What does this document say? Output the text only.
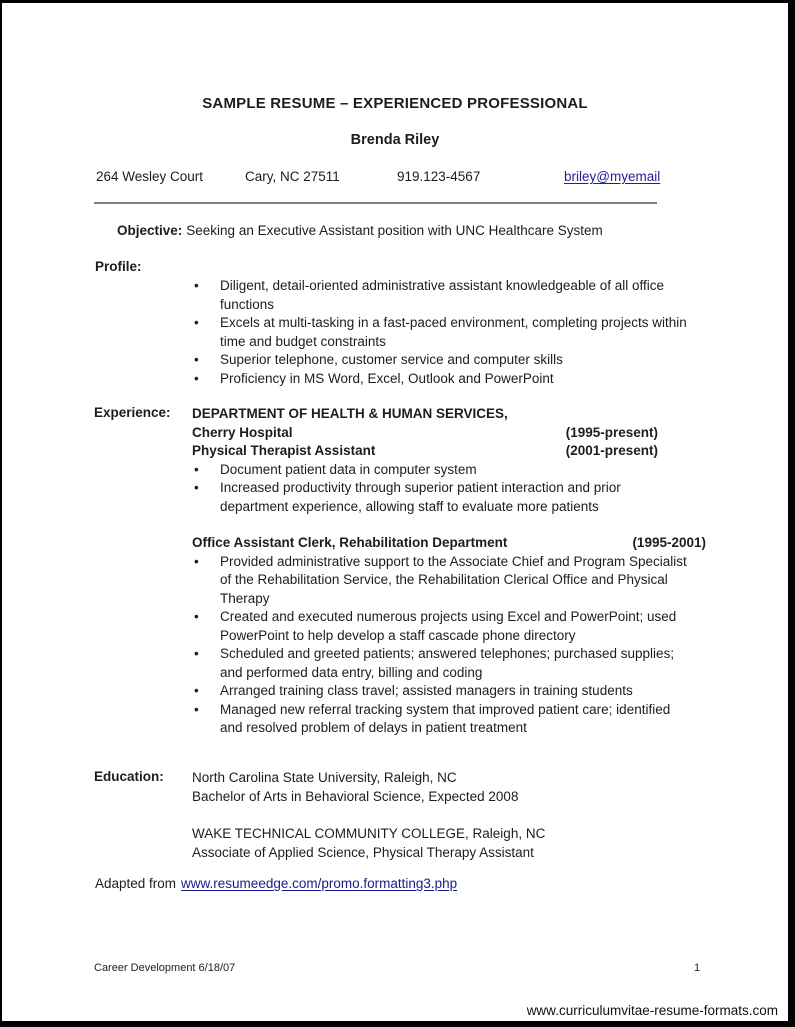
SAMPLE RESUME – EXPERIENCED PROFESSIONAL
Brenda Riley
264 Wesley Court	Cary, NC 27511	919.123-4567	briley@myemail
Objective: Seeking an Executive Assistant position with UNC Healthcare System
Profile:
• Diligent, detail-oriented administrative assistant knowledgeable of all office functions
• Excels at multi-tasking in a fast-paced environment, completing projects within time and budget constraints
• Superior telephone, customer service and computer skills
• Proficiency in MS Word, Excel, Outlook and PowerPoint
Experience: DEPARTMENT OF HEALTH & HUMAN SERVICES,
Cherry Hospital	(1995-present)
Physical Therapist Assistant	(2001-present)
• Document patient data in computer system
• Increased productivity through superior patient interaction and prior department experience, allowing staff to evaluate more patients
Office Assistant Clerk, Rehabilitation Department	(1995-2001)
• Provided administrative support to the Associate Chief and Program Specialist of the Rehabilitation Service, the Rehabilitation Clerical Office and Physical Therapy
• Created and executed numerous projects using Excel and PowerPoint; used PowerPoint to help develop a staff cascade phone directory
• Scheduled and greeted patients; answered telephones; purchased supplies; and performed data entry, billing and coding
• Arranged training class travel; assisted managers in training students
• Managed new referral tracking system that improved patient care; identified and resolved problem of delays in patient treatment
Education: North Carolina State University, Raleigh, NC
Bachelor of Arts in Behavioral Science, Expected 2008
WAKE TECHNICAL COMMUNITY COLLEGE, Raleigh, NC
Associate of Applied Science, Physical Therapy Assistant
Adapted from www.resumeedge.com/promo.formatting3.php
Career Development 6/18/07	1
www.curriculumvitae-resume-formats.com
